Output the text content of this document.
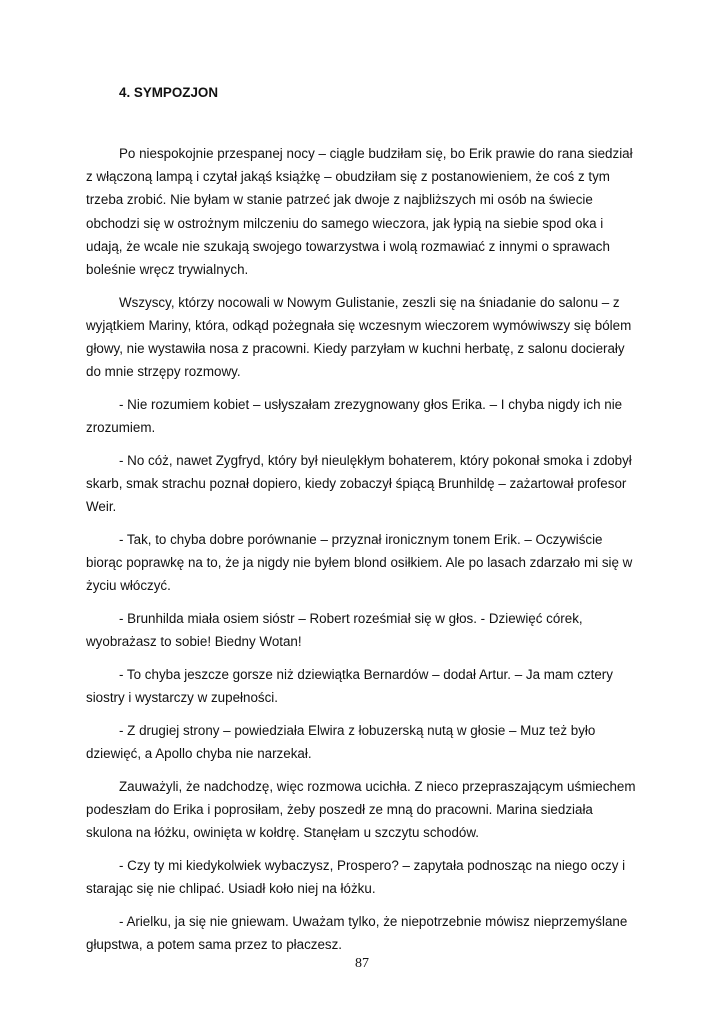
4. SYMPOZJON

Po niespokojnie przespanej nocy – ciągle budziłam się, bo Erik prawie do rana siedział z włączoną lampą i czytał jakąś książkę – obudziłam się z postanowieniem, że coś z tym trzeba zrobić. Nie byłam w stanie patrzeć jak dwoje z najbliższych mi osób na świecie obchodzi się w ostrożnym milczeniu do samego wieczora, jak łypią na siebie spod oka i udają, że wcale nie szukają swojego towarzystwa i wolą rozmawiać z innymi o sprawach boleśnie wręcz trywialnych.

Wszyscy, którzy nocowali w Nowym Gulistanie, zeszli się na śniadanie do salonu – z wyjątkiem Mariny, która, odkąd pożegnała się wczesnym wieczorem wymówiwszy się bólem głowy, nie wystawiła nosa z pracowni. Kiedy parzyłam w kuchni herbatę, z salonu docierały do mnie strzępy rozmowy.

- Nie rozumiem kobiet – usłyszałam zrezygnowany głos Erika. – I chyba nigdy ich nie zrozumiem.

- No cóż, nawet Zygfryd, który był nieulękłym bohaterem, który pokonał smoka i zdobył skarb, smak strachu poznał dopiero, kiedy zobaczył śpiącą Brunhildę – zażartował profesor Weir.

- Tak, to chyba dobre porównanie – przyznał ironicznym tonem Erik. – Oczywiście biorąc poprawkę na to, że ja nigdy nie byłem blond osiłkiem. Ale po lasach zdarzało mi się w życiu włóczyć.

- Brunhilda miała osiem sióstr – Robert roześmiał się w głos. - Dziewięć córek, wyobrażasz to sobie! Biedny Wotan!

- To chyba jeszcze gorsze niż dziewiątka Bernardów – dodał Artur. – Ja mam cztery siostry i wystarczy w zupełności.

- Z drugiej strony – powiedziała Elwira z łobuzerską nutą w głosie – Muz też było dziewięć, a Apollo chyba nie narzekał.

Zauważyli, że nadchodzę, więc rozmowa ucichła. Z nieco przepraszającym uśmiechem podeszłam do Erika i poprosiłam, żeby poszedł ze mną do pracowni. Marina siedziała skulona na łóżku, owinięta w kołdrę. Stanęłam u szczytu schodów.

- Czy ty mi kiedykolwiek wybaczysz, Prospero? – zapytała podnosząc na niego oczy i starając się nie chlipać. Usiadł koło niej na łóżku.

- Arielku, ja się nie gniewam. Uważam tylko, że niepotrzebnie mówisz nieprzemyślane głupstwa, a potem sama przez to płaczesz.

87
